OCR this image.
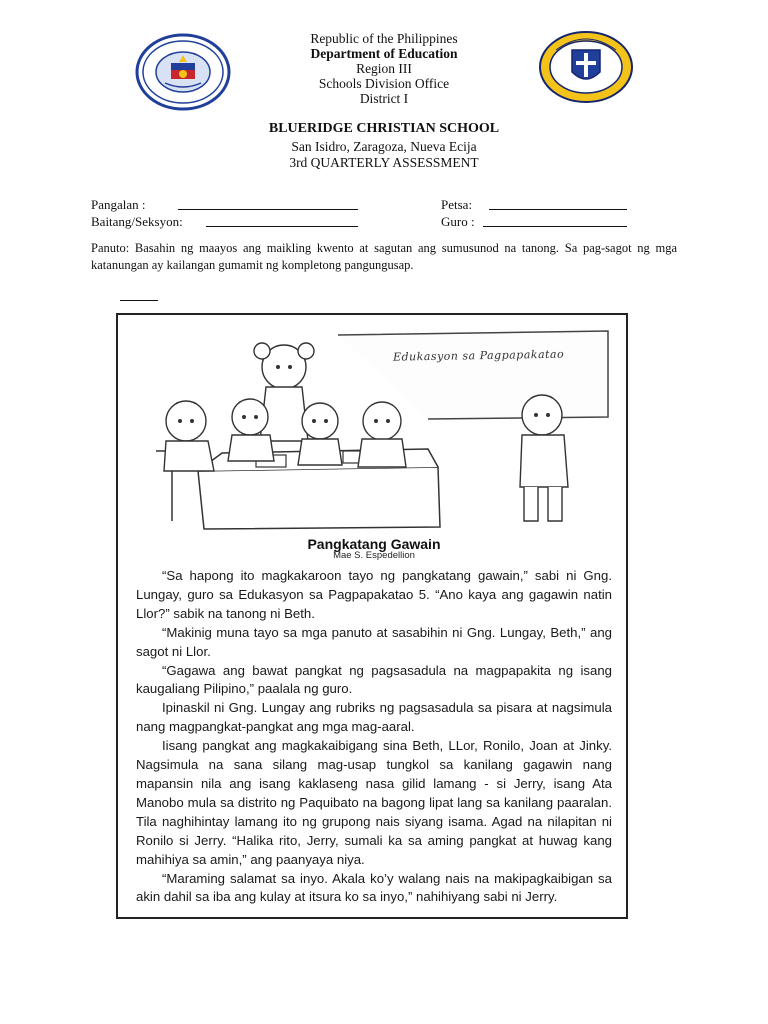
Republic of the Philippines
Department of Education
Region III
Schools Division Office
District I
BLUERIDGE CHRISTIAN SCHOOL
San Isidro, Zaragoza, Nueva Ecija
3rd QUARTERLY ASSESSMENT
Pangalan :	Petsa:
Baitang/Seksyon:	Guro :
Panuto: Basahin ng maayos ang maikling kwento at sagutan ang sumusunod na tanong. Sa pag-sagot ng mga katanungan ay kailangan gumamit ng kompletong pangungusap.
Edukasyon sa Pagpapakatao
Pangkatang Gawain
Mae S. Espedellion

“Sa hapong ito magkakaroon tayo ng pangkatang gawain,” sabi ni Gng. Lungay, guro sa Edukasyon sa Pagpapakatao 5. “Ano kaya ang gagawin natin Llor?” sabik na tanong ni Beth.

“Makinig muna tayo sa mga panuto at sasabihin ni Gng. Lungay, Beth,” ang sagot ni Llor.

“Gagawa ang bawat pangkat ng pagsasadula na magpapakita ng isang kaugaliang Pilipino,” paalala ng guro.

Ipinaskil ni Gng. Lungay ang rubriks ng pagsasadula sa pisara at nagsimula nang magpangkat-pangkat ang mga mag-aaral.

Iisang pangkat ang magkakaibigang sina Beth, LLor, Ronilo, Joan at Jinky. Nagsimula na sana silang mag-usap tungkol sa kanilang gagawin nang mapansin nila ang isang kaklaseng nasa gilid lamang - si Jerry, isang Ata Manobo mula sa distrito ng Paquibato na bagong lipat lang sa kanilang paaralan. Tila naghihintay lamang ito ng grupong nais siyang isama. Agad na nilapitan ni Ronilo si Jerry. “Halika rito, Jerry, sumali ka sa aming pangkat at huwag kang mahihiya sa amin,” ang paanyaya niya.

“Maraming salamat sa inyo. Akala ko’y walang nais na makipagkaibigan sa akin dahil sa iba ang kulay at itsura ko sa inyo,” nahihiyang sabi ni Jerry.
